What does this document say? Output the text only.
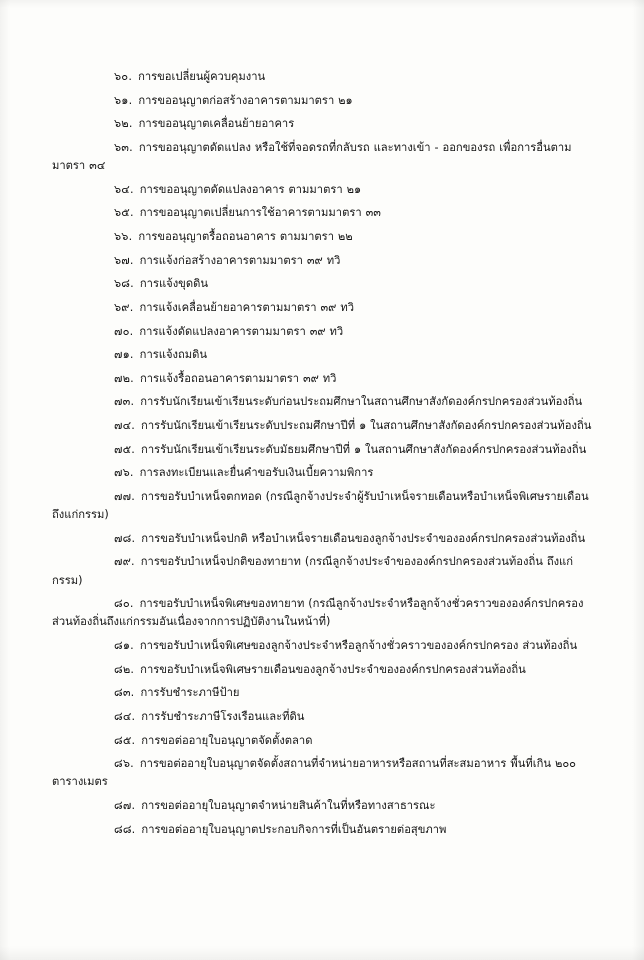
๖๐. การขอเปลี่ยนผู้ควบคุมงาน

๖๑. การขออนุญาตก่อสร้างอาคารตามมาตรา ๒๑

๖๒. การขออนุญาตเคลื่อนย้ายอาคาร

๖๓. การขออนุญาตดัดแปลง หรือใช้ที่จอดรถที่กลับรถ และทางเข้า - ออกของรถ เพื่อการอื่นตามมาตรา ๓๔

๖๔. การขออนุญาตดัดแปลงอาคาร ตามมาตรา ๒๑

๖๕. การขออนุญาตเปลี่ยนการใช้อาคารตามมาตรา ๓๓

๖๖. การขออนุญาตรื้อถอนอาคาร ตามมาตรา ๒๒

๖๗. การแจ้งก่อสร้างอาคารตามมาตรา ๓๙ ทวิ

๖๘. การแจ้งขุดดิน

๖๙. การแจ้งเคลื่อนย้ายอาคารตามมาตรา ๓๙ ทวิ

๗๐. การแจ้งดัดแปลงอาคารตามมาตรา ๓๙ ทวิ

๗๑. การแจ้งถมดิน

๗๒. การแจ้งรื้อถอนอาคารตามมาตรา ๓๙ ทวิ

๗๓. การรับนักเรียนเข้าเรียนระดับก่อนประถมศึกษาในสถานศึกษาสังกัดองค์กรปกครองส่วนท้องถิ่น

๗๔. การรับนักเรียนเข้าเรียนระดับประถมศึกษาปีที่ ๑ ในสถานศึกษาสังกัดองค์กรปกครองส่วนท้องถิ่น

๗๕. การรับนักเรียนเข้าเรียนระดับมัธยมศึกษาปีที่ ๑ ในสถานศึกษาสังกัดองค์กรปกครองส่วนท้องถิ่น

๗๖. การลงทะเบียนและยื่นคำขอรับเงินเบี้ยความพิการ

๗๗. การขอรับบำเหน็จตกทอด (กรณีลูกจ้างประจำผู้รับบำเหน็จรายเดือนหรือบำเหน็จพิเศษรายเดือนถึงแก่กรรม)

๗๘. การขอรับบำเหน็จปกติ หรือบำเหน็จรายเดือนของลูกจ้างประจำขององค์กรปกครองส่วนท้องถิ่น

๗๙. การขอรับบำเหน็จปกติของทายาท (กรณีลูกจ้างประจำขององค์กรปกครองส่วนท้องถิ่น ถึงแก่กรรม)

๘๐. การขอรับบำเหน็จพิเศษของทายาท (กรณีลูกจ้างประจำหรือลูกจ้างชั่วคราวขององค์กรปกครองส่วนท้องถิ่นถึงแก่กรรมอันเนื่องจากการปฏิบัติงานในหน้าที่)

๘๑. การขอรับบำเหน็จพิเศษของลูกจ้างประจำหรือลูกจ้างชั่วคราวขององค์กรปกครอง ส่วนท้องถิ่น

๘๒. การขอรับบำเหน็จพิเศษรายเดือนของลูกจ้างประจำขององค์กรปกครองส่วนท้องถิ่น

๘๓. การรับชำระภาษีป้าย

๘๔. การรับชำระภาษีโรงเรือนและที่ดิน

๘๕. การขอต่ออายุใบอนุญาตจัดตั้งตลาด

๘๖. การขอต่ออายุใบอนุญาตจัดตั้งสถานที่จำหน่ายอาหารหรือสถานที่สะสมอาหาร พื้นที่เกิน ๒๐๐ ตารางเมตร

๘๗. การขอต่ออายุใบอนุญาตจำหน่ายสินค้าในที่หรือทางสาธารณะ

๘๘. การขอต่ออายุใบอนุญาตประกอบกิจการที่เป็นอันตรายต่อสุขภาพ
